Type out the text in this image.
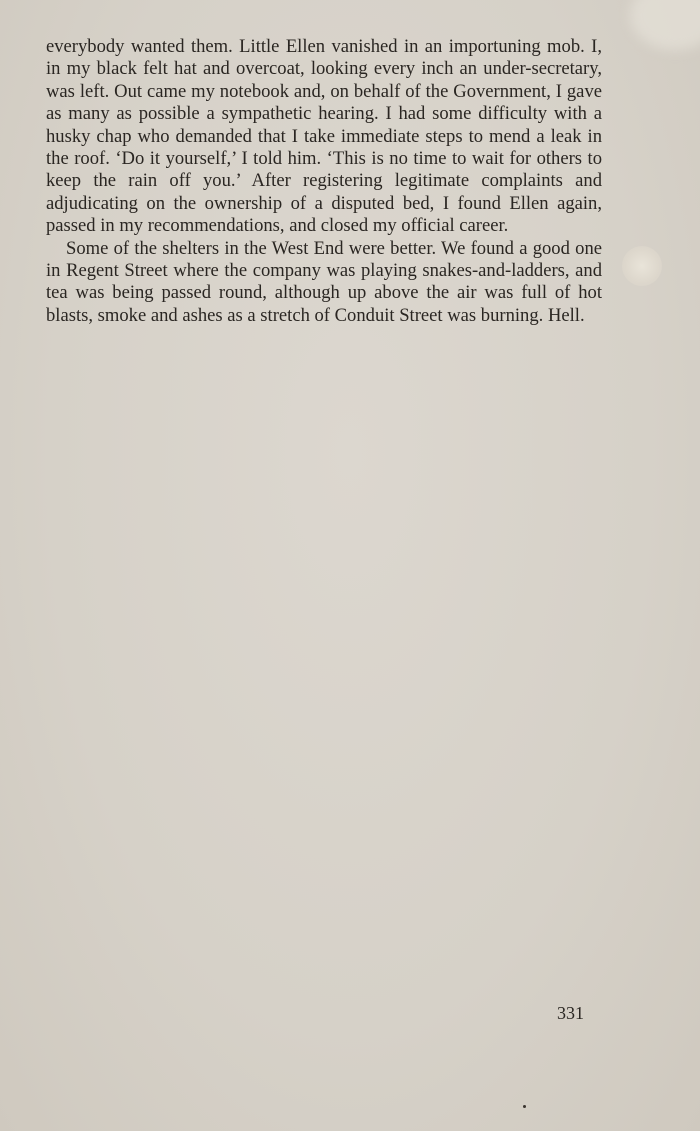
everybody wanted them. Little Ellen vanished in an importuning mob. I, in my black felt hat and overcoat, looking every inch an under-secretary, was left. Out came my notebook and, on behalf of the Government, I gave as many as possible a sympathetic hearing. I had some difficulty with a husky chap who demanded that I take immediate steps to mend a leak in the roof. ‘Do it yourself,’ I told him. ‘This is no time to wait for others to keep the rain off you.’ After registering legitimate complaints and adjudicating on the ownership of a disputed bed, I found Ellen again, passed in my recommendations, and closed my official career.

Some of the shelters in the West End were better. We found a good one in Regent Street where the company was playing snakes-and-ladders, and tea was being passed round, although up above the air was full of hot blasts, smoke and ashes as a stretch of Conduit Street was burning. Hell.

331
